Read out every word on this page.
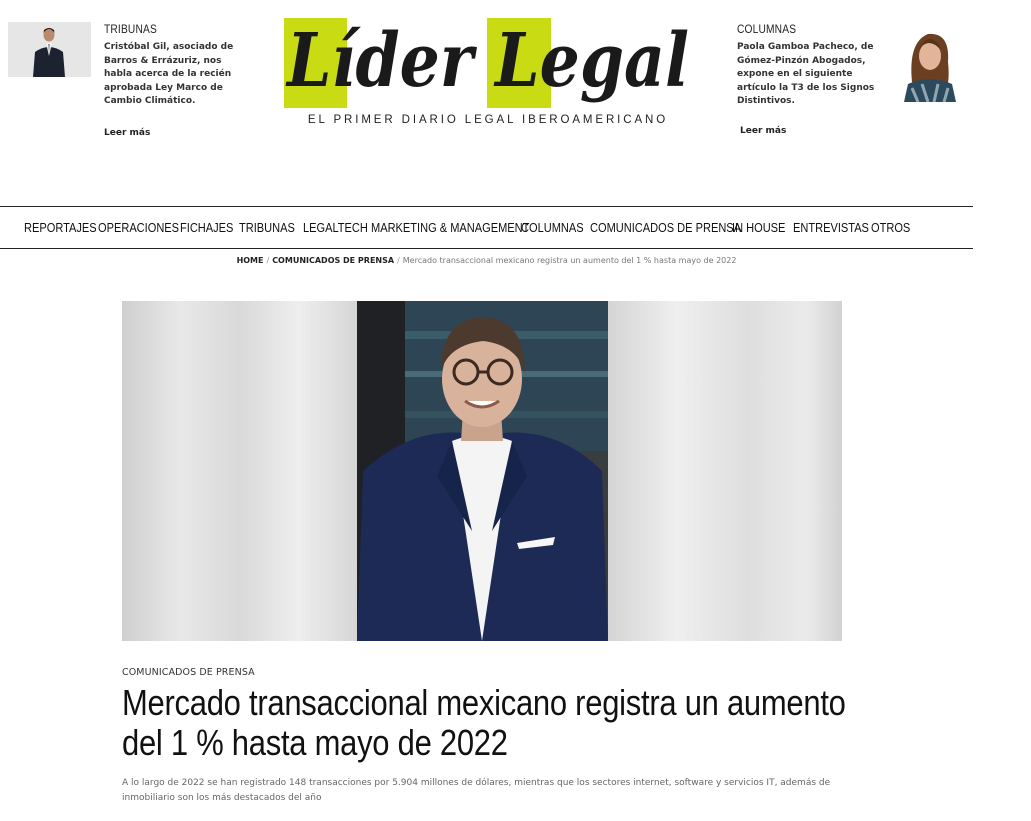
TRIBUNAS

Cristóbal Gil, asociado de Barros & Errázuriz, nos habla acerca de la recién aprobada Ley Marco de Cambio Climático.

Leer más
Líder Legal
EL PRIMER DIARIO LEGAL IBEROAMERICANO
COLUMNAS

Paola Gamboa Pacheco, de Gómez-Pinzón Abogados, expone en el siguiente artículo la T3 de los Signos Distintivos.

Leer más
REPORTAJES OPERACIONES FICHAJES TRIBUNAS LEGALTECH MARKETING & MANAGEMENT
COLUMNAS COMUNICADOS DE PRENSA
IN HOUSE ENTREVISTAS OTROS
HOME / COMUNICADOS DE PRENSA / Mercado transaccional mexicano registra un aumento del 1 % hasta mayo de 2022
COMUNICADOS DE PRENSA
Mercado transaccional mexicano registra un aumento del 1 % hasta mayo de 2022

A lo largo de 2022 se han registrado 148 transacciones por 5.904 millones de dólares, mientras que los sectores internet, software y servicios IT, además de inmobiliario son los más destacados del año
